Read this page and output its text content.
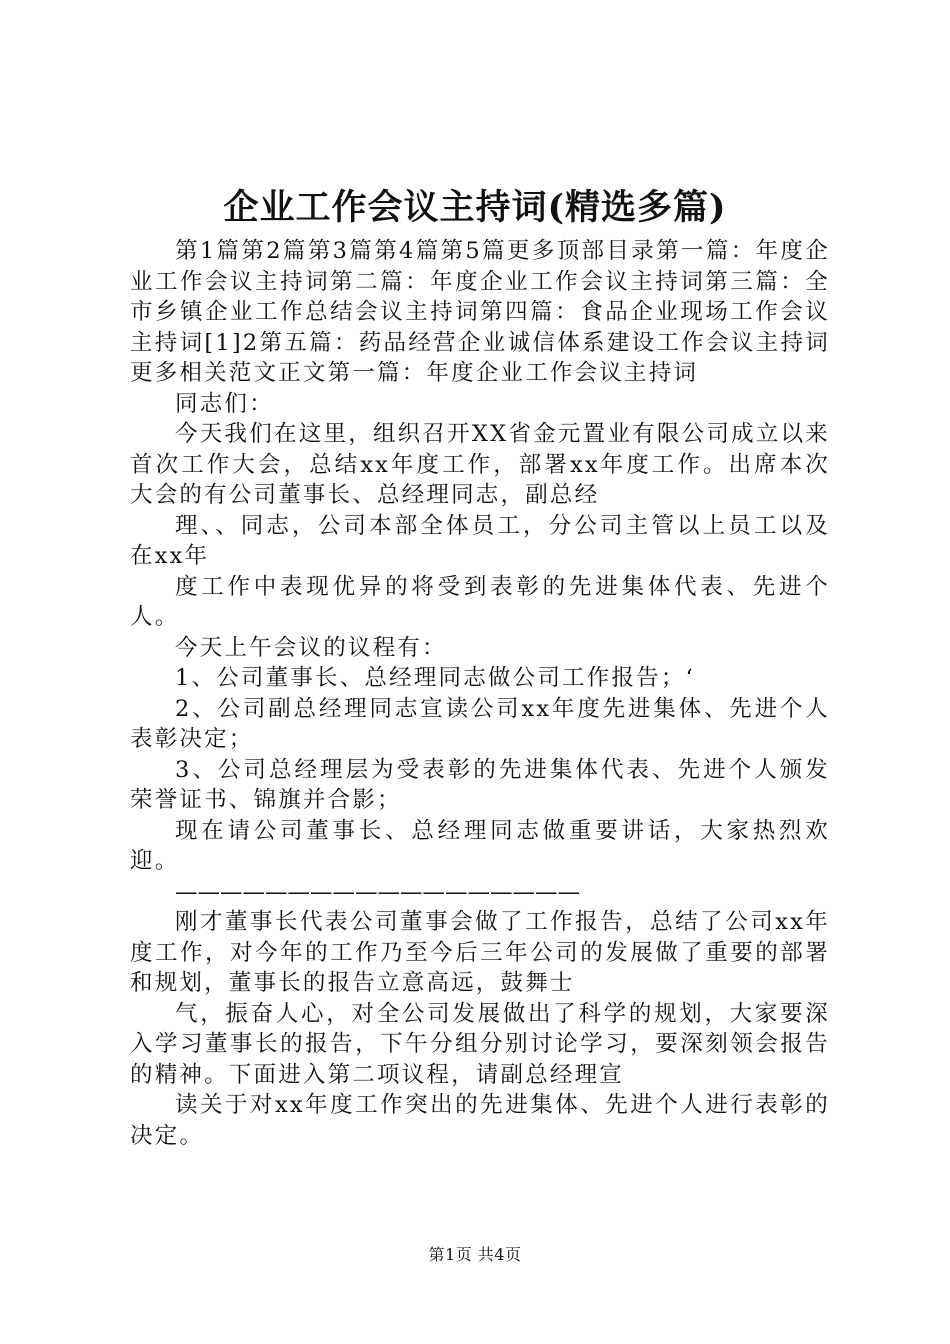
企业工作会议主持词(精选多篇)

第1篇第2篇第3篇第4篇第5篇更多顶部目录第一篇：年度企业工作会议主持词第二篇：年度企业工作会议主持词第三篇：全市乡镇企业工作总结会议主持词第四篇：食品企业现场工作会议主持词[1]2第五篇：药品经营企业诚信体系建设工作会议主持词更多相关范文正文第一篇：年度企业工作会议主持词

同志们：

今天我们在这里，组织召开XX省金元置业有限公司成立以来首次工作大会，总结xx年度工作，部署xx年度工作。出席本次大会的有公司董事长、总经理同志，副总经

理、、同志，公司本部全体员工，分公司主管以上员工以及在xx年

度工作中表现优异的将受到表彰的先进集体代表、先进个人。

今天上午会议的议程有：

1、公司董事长、总经理同志做公司工作报告；‘

2、公司副总经理同志宣读公司xx年度先进集体、先进个人表彰决定；

3、公司总经理层为受表彰的先进集体代表、先进个人颁发荣誉证书、锦旗并合影；

现在请公司董事长、总经理同志做重要讲话，大家热烈欢迎。

——————————————————

刚才董事长代表公司董事会做了工作报告，总结了公司xx年度工作，对今年的工作乃至今后三年公司的发展做了重要的部署和规划，董事长的报告立意高远，鼓舞士

气，振奋人心，对全公司发展做出了科学的规划，大家要深入学习董事长的报告，下午分组分别讨论学习，要深刻领会报告的精神。下面进入第二项议程，请副总经理宣

读关于对xx年度工作突出的先进集体、先进个人进行表彰的决定。

第1页 共4页
